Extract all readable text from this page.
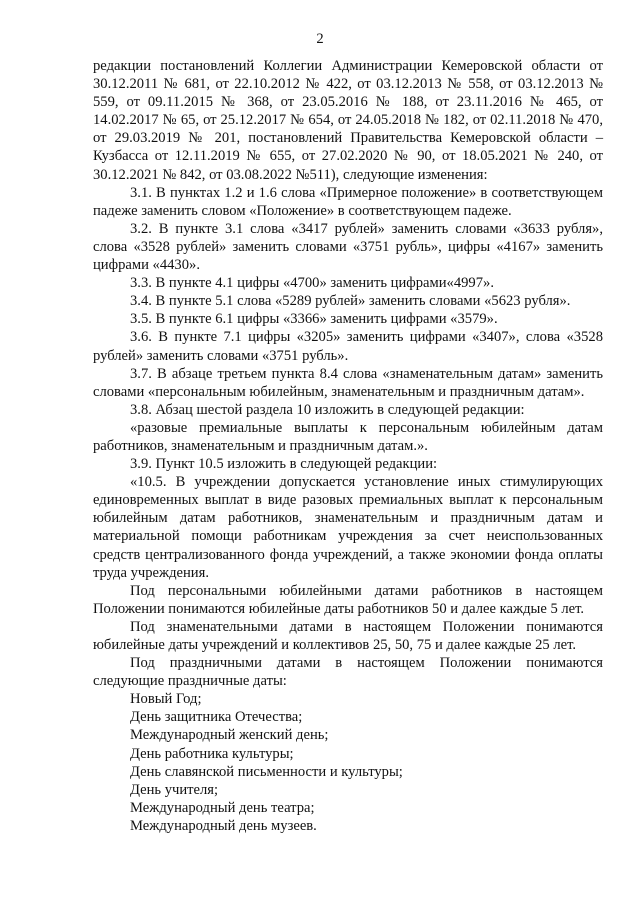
2

редакции постановлений Коллегии Администрации Кемеровской области от 30.12.2011 № 681, от 22.10.2012 № 422, от 03.12.2013 № 558, от 03.12.2013 № 559, от 09.11.2015 № 368, от 23.05.2016 № 188, от 23.11.2016 № 465, от 14.02.2017 № 65, от 25.12.2017 № 654, от 24.05.2018 № 182, от 02.11.2018 № 470, от 29.03.2019 № 201, постановлений Правительства Кемеровской области – Кузбасса от 12.11.2019 № 655, от 27.02.2020 № 90, от 18.05.2021 № 240, от 30.12.2021 № 842, от 03.08.2022 №511), следующие изменения:

3.1. В пунктах 1.2 и 1.6 слова «Примерное положение» в соответствующем падеже заменить словом «Положение» в соответствующем падеже.

3.2. В пункте 3.1 слова «3417 рублей» заменить словами «3633 рубля», слова «3528 рублей» заменить словами «3751 рубль», цифры «4167» заменить цифрами «4430».

3.3. В пункте 4.1 цифры «4700» заменить цифрами«4997».

3.4. В пункте 5.1 слова «5289 рублей» заменить словами «5623 рубля».

3.5. В пункте 6.1 цифры «3366» заменить цифрами «3579».

3.6. В пункте 7.1 цифры «3205» заменить цифрами «3407», слова «3528 рублей» заменить словами «3751 рубль».

3.7. В абзаце третьем пункта 8.4 слова «знаменательным датам» заменить словами «персональным юбилейным, знаменательным и праздничным датам».

3.8. Абзац шестой раздела 10 изложить в следующей редакции:

«разовые премиальные выплаты к персональным юбилейным датам работников, знаменательным и праздничным датам.».

3.9. Пункт 10.5 изложить в следующей редакции:

«10.5. В учреждении допускается установление иных стимулирующих единовременных выплат в виде разовых премиальных выплат к персональным юбилейным датам работников, знаменательным и праздничным датам и материальной помощи работникам учреждения за счет неиспользованных средств централизованного фонда учреждений, а также экономии фонда оплаты труда учреждения.

Под персональными юбилейными датами работников в настоящем Положении понимаются юбилейные даты работников 50 и далее каждые 5 лет.

Под знаменательными датами в настоящем Положении понимаются юбилейные даты учреждений и коллективов 25, 50, 75 и далее каждые 25 лет.

Под праздничными датами в настоящем Положении понимаются следующие праздничные даты:

Новый Год;

День защитника Отечества;

Международный женский день;

День работника культуры;

День славянской письменности и культуры;

День учителя;

Международный день театра;

Международный день музеев.
